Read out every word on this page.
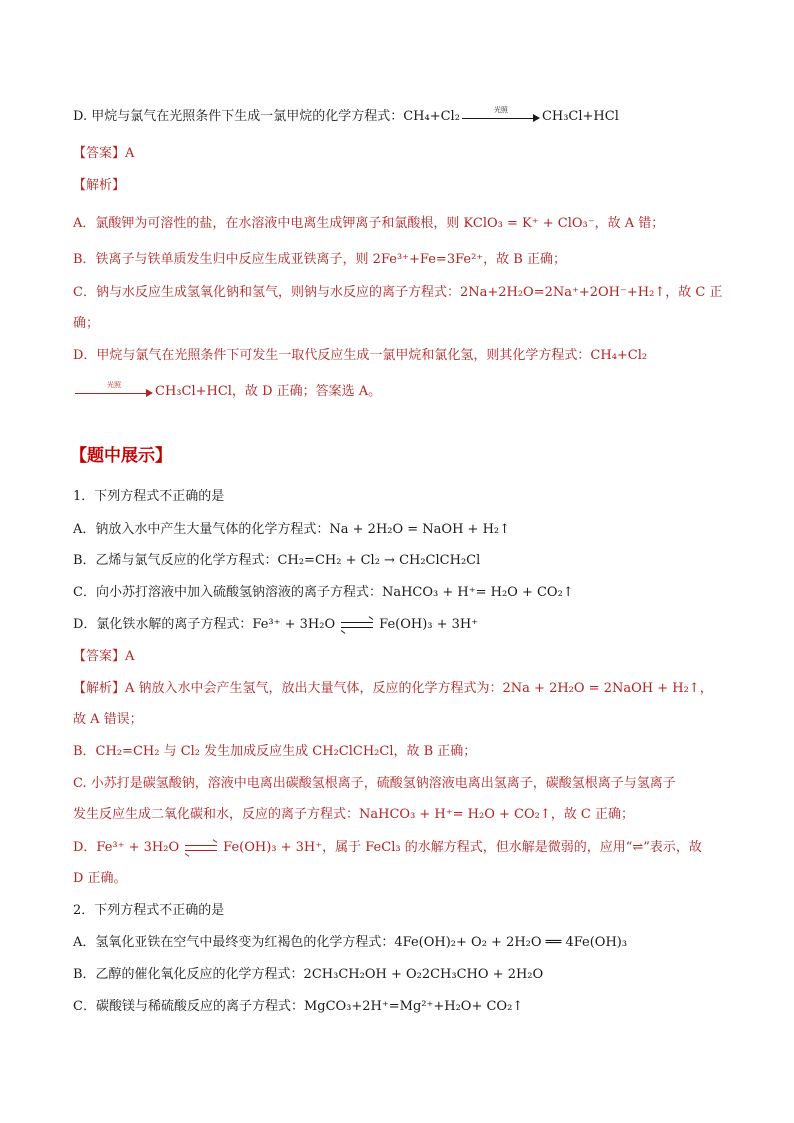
D. 甲烷与氯气在光照条件下生成一氯甲烷的化学方程式：CH₄+Cl₂	光照	CH₃Cl+HCl
【答案】A
【解析】
A．氯酸钾为可溶性的盐，在水溶液中电离生成钾离子和氯酸根，则 KClO₃ = K⁺ + ClO₃⁻，故 A 错；
B．铁离子与铁单质发生归中反应生成亚铁离子，则 2Fe³⁺+Fe=3Fe²⁺，故 B 正确；
C．钠与水反应生成氢氧化钠和氢气，则钠与水反应的离子方程式：2Na+2H₂O=2Na⁺+2OH⁻+H₂↑，故 C 正
确；
D．甲烷与氯气在光照条件下可发生一取代反应生成一氯甲烷和氯化氢，则其化学方程式：CH₄+Cl₂
光照	CH₃Cl+HCl，故 D 正确；答案选 A。
【题中展示】
1．下列方程式不正确的是
A．钠放入水中产生大量气体的化学方程式：Na + 2H₂O = NaOH + H₂↑
B．乙烯与氯气反应的化学方程式：CH₂=CH₂ + Cl₂ → CH₂ClCH₂Cl
C．向小苏打溶液中加入硫酸氢钠溶液的离子方程式：NaHCO₃ + H⁺= H₂O + CO₂↑
D．氯化铁水解的离子方程式：Fe³⁺ + 3H₂O ⇌ Fe(OH)₃ + 3H⁺
【答案】A
【解析】A 钠放入水中会产生氢气，放出大量气体，反应的化学方程式为：2Na + 2H₂O = 2NaOH + H₂↑，
故 A 错误；
B．CH₂=CH₂ 与 Cl₂ 发生加成反应生成 CH₂ClCH₂Cl，故 B 正确；
C. 小苏打是碳氢酸钠，溶液中电离出碳酸氢根离子，硫酸氢钠溶液电离出氢离子，碳酸氢根离子与氢离子
发生反应生成二氧化碳和水，反应的离子方程式：NaHCO₃ + H⁺= H₂O + CO₂↑，故 C 正确；
D．Fe³⁺ + 3H₂O ⇌ Fe(OH)₃ + 3H⁺，属于 FeCl₃ 的水解方程式，但水解是微弱的，应用“⇌”表示，故
D 正确。
2．下列方程式不正确的是
A．氢氧化亚铁在空气中最终变为红褐色的化学方程式：4Fe(OH)₂+ O₂ + 2H₂O ══ 4Fe(OH)₃
B．乙醇的催化氧化反应的化学方程式：2CH₃CH₂OH + O₂2CH₃CHO + 2H₂O
C．碳酸镁与稀硫酸反应的离子方程式：MgCO₃+2H⁺=Mg²⁺+H₂O+ CO₂↑
